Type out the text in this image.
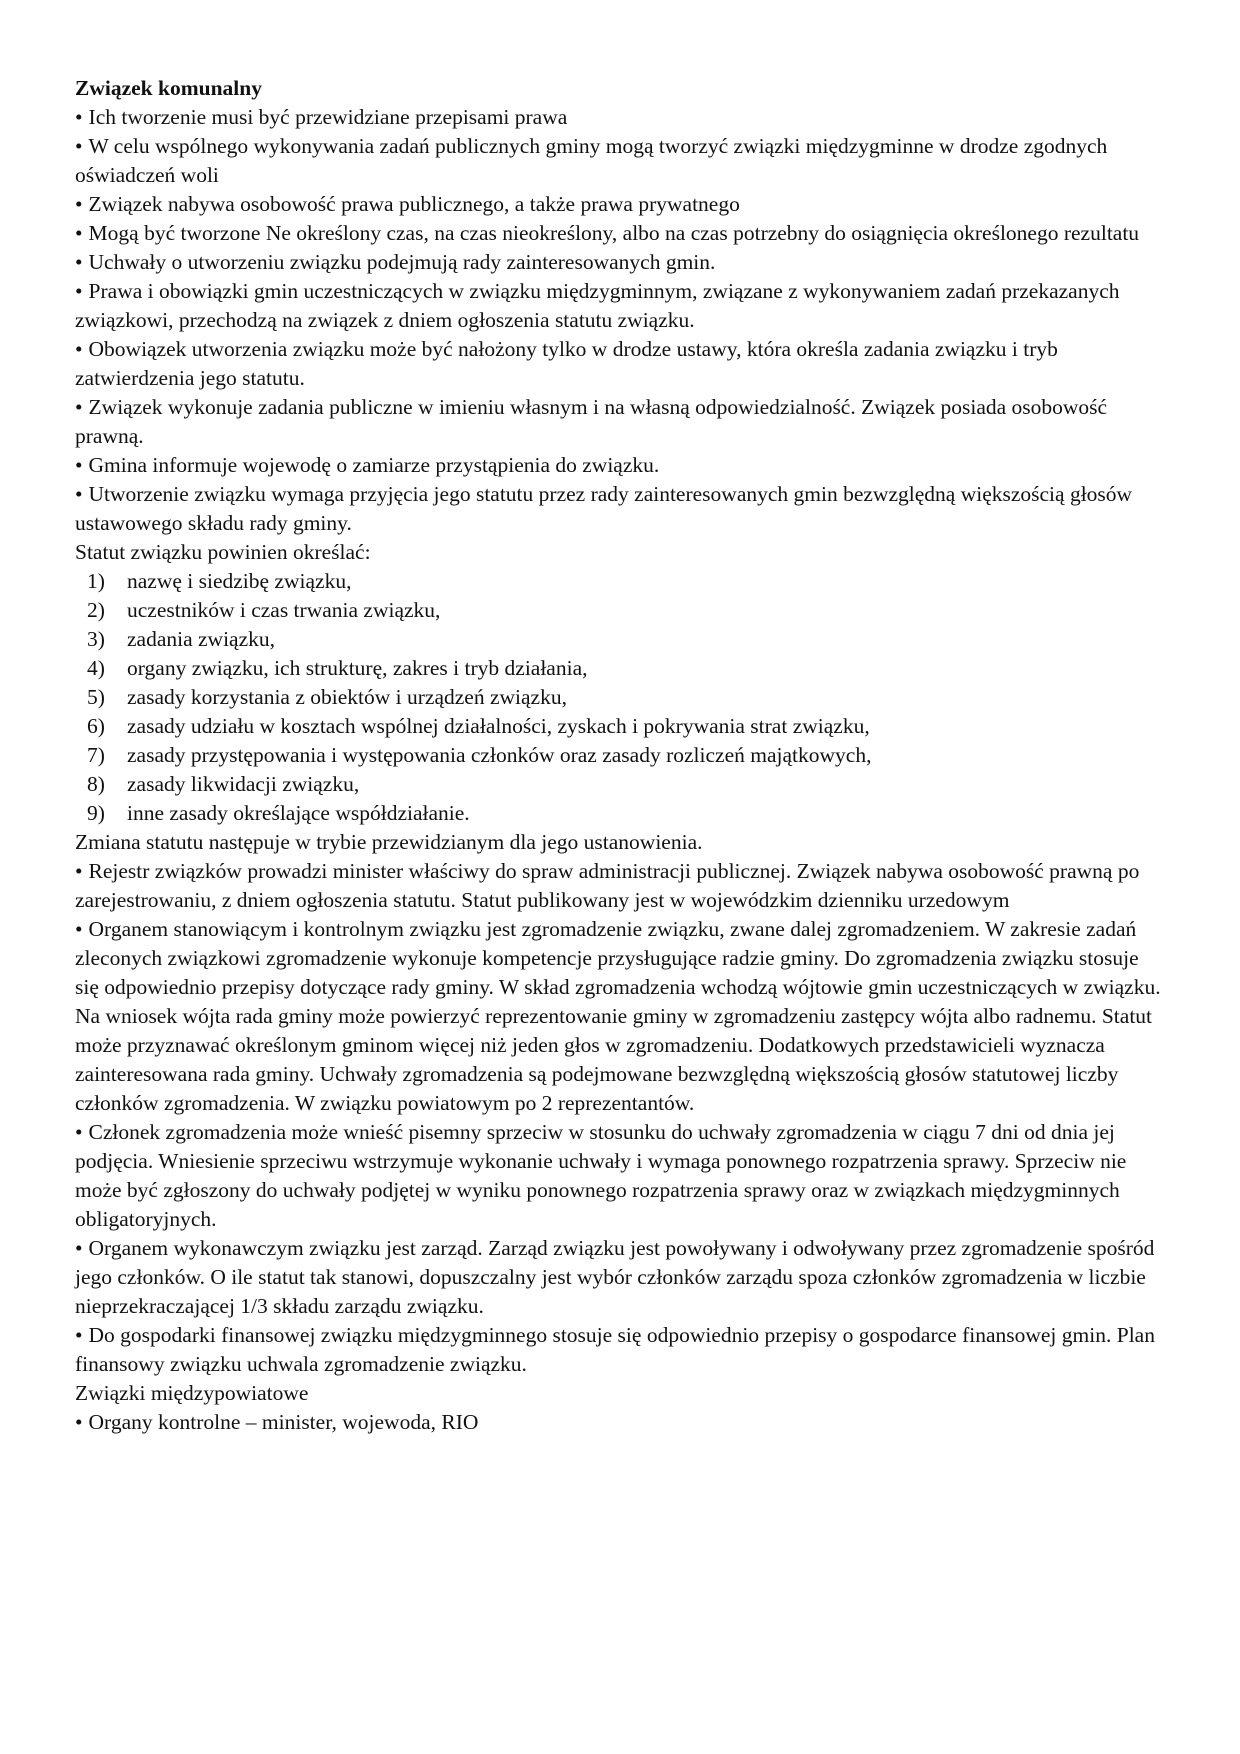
Związek komunalny

• Ich tworzenie musi być przewidziane przepisami prawa

• W celu wspólnego wykonywania zadań publicznych gminy mogą tworzyć związki międzygminne w drodze zgodnych oświadczeń woli

• Związek nabywa osobowość prawa publicznego, a także prawa prywatnego

• Mogą być tworzone Ne określony czas, na czas nieokreślony, albo na czas potrzebny do osiągnięcia określonego rezultatu

• Uchwały o utworzeniu związku podejmują rady zainteresowanych gmin.

• Prawa i obowiązki gmin uczestniczących w związku międzygminnym, związane z wykonywaniem zadań przekazanych związkowi, przechodzą na związek z dniem ogłoszenia statutu związku.

• Obowiązek utworzenia związku może być nałożony tylko w drodze ustawy, która określa zadania związku i tryb zatwierdzenia jego statutu.

• Związek wykonuje zadania publiczne w imieniu własnym i na własną odpowiedzialność. Związek posiada osobowość prawną.

• Gmina informuje wojewodę o zamiarze przystąpienia do związku.

• Utworzenie związku wymaga przyjęcia jego statutu przez rady zainteresowanych gmin bezwzględną większością głosów ustawowego składu rady gminy.

Statut związku powinien określać:

1) nazwę i siedzibę związku,
2) uczestników i czas trwania związku,
3) zadania związku,
4) organy związku, ich strukturę, zakres i tryb działania,
5) zasady korzystania z obiektów i urządzeń związku,
6) zasady udziału w kosztach wspólnej działalności, zyskach i pokrywania strat związku,
7) zasady przystępowania i występowania członków oraz zasady rozliczeń majątkowych,
8) zasady likwidacji związku,
9) inne zasady określające współdziałanie.

Zmiana statutu następuje w trybie przewidzianym dla jego ustanowienia.

• Rejestr związków prowadzi minister właściwy do spraw administracji publicznej. Związek nabywa osobowość prawną po zarejestrowaniu, z dniem ogłoszenia statutu. Statut publikowany jest w wojewódzkim dzienniku urzedowym

• Organem stanowiącym i kontrolnym związku jest zgromadzenie związku, zwane dalej zgromadzeniem. W zakresie zadań zleconych związkowi zgromadzenie wykonuje kompetencje przysługujące radzie gminy. Do zgromadzenia związku stosuje się odpowiednio przepisy dotyczące rady gminy. W skład zgromadzenia wchodzą wójtowie gmin uczestniczących w związku. Na wniosek wójta rada gminy może powierzyć reprezentowanie gminy w zgromadzeniu zastępcy wójta albo radnemu. Statut może przyznawać określonym gminom więcej niż jeden głos w zgromadzeniu. Dodatkowych przedstawicieli wyznacza zainteresowana rada gminy. Uchwały zgromadzenia są podejmowane bezwzględną większością głosów statutowej liczby członków zgromadzenia. W związku powiatowym po 2 reprezentantów.

• Członek zgromadzenia może wnieść pisemny sprzeciw w stosunku do uchwały zgromadzenia w ciągu 7 dni od dnia jej podjęcia. Wniesienie sprzeciwu wstrzymuje wykonanie uchwały i wymaga ponownego rozpatrzenia sprawy. Sprzeciw nie może być zgłoszony do uchwały podjętej w wyniku ponownego rozpatrzenia sprawy oraz w związkach międzygminnych obligatoryjnych.

• Organem wykonawczym związku jest zarząd. Zarząd związku jest powoływany i odwoływany przez zgromadzenie spośród jego członków. O ile statut tak stanowi, dopuszczalny jest wybór członków zarządu spoza członków zgromadzenia w liczbie nieprzekraczającej 1/3 składu zarządu związku.

• Do gospodarki finansowej związku międzygminnego stosuje się odpowiednio przepisy o gospodarce finansowej gmin. Plan finansowy związku uchwala zgromadzenie związku.

Związki międzypowiatowe

• Organy kontrolne – minister, wojewoda, RIO
